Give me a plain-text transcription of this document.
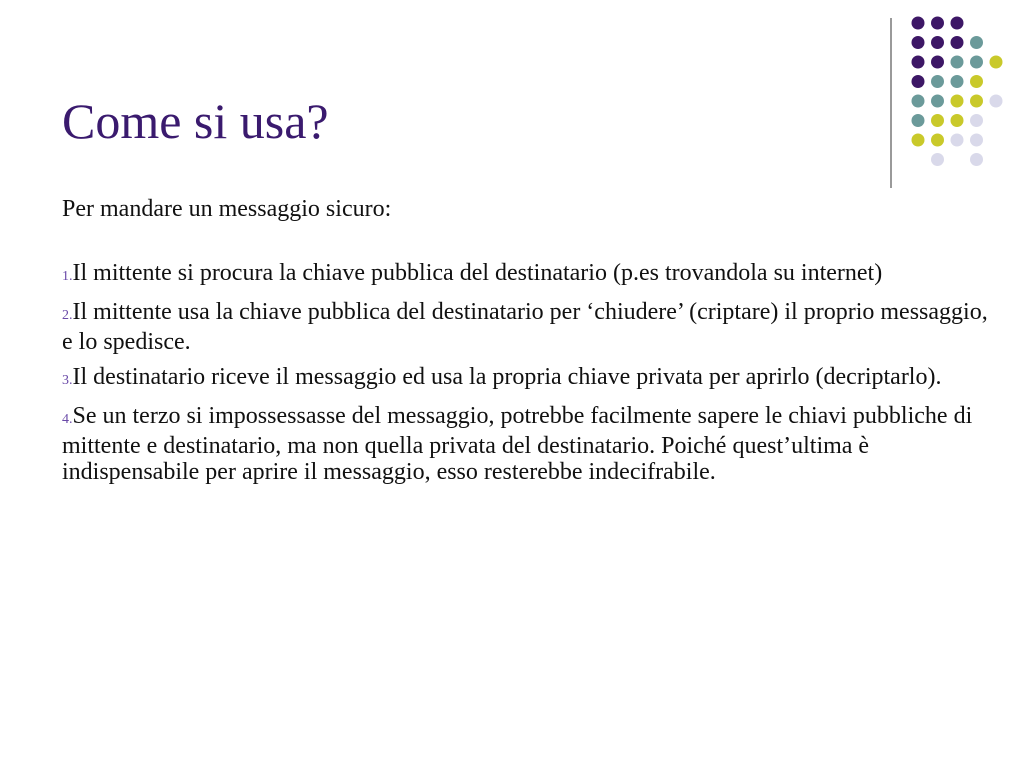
Come si usa?
Per mandare un messaggio sicuro:
1.Il mittente si procura la chiave pubblica del destinatario (p.es trovandola su internet)
2.Il mittente usa la chiave pubblica del destinatario per ‘chiudere’ (criptare) il proprio messaggio, e lo spedisce.
3.Il destinatario riceve il messaggio ed usa la propria chiave privata per aprirlo (decriptarlo).
4.Se un terzo si impossessasse del messaggio, potrebbe facilmente sapere le chiavi pubbliche di mittente e destinatario, ma non quella privata del destinatario. Poiché quest’ultima è indispensabile per aprire il messaggio, esso resterebbe indecifrabile.
